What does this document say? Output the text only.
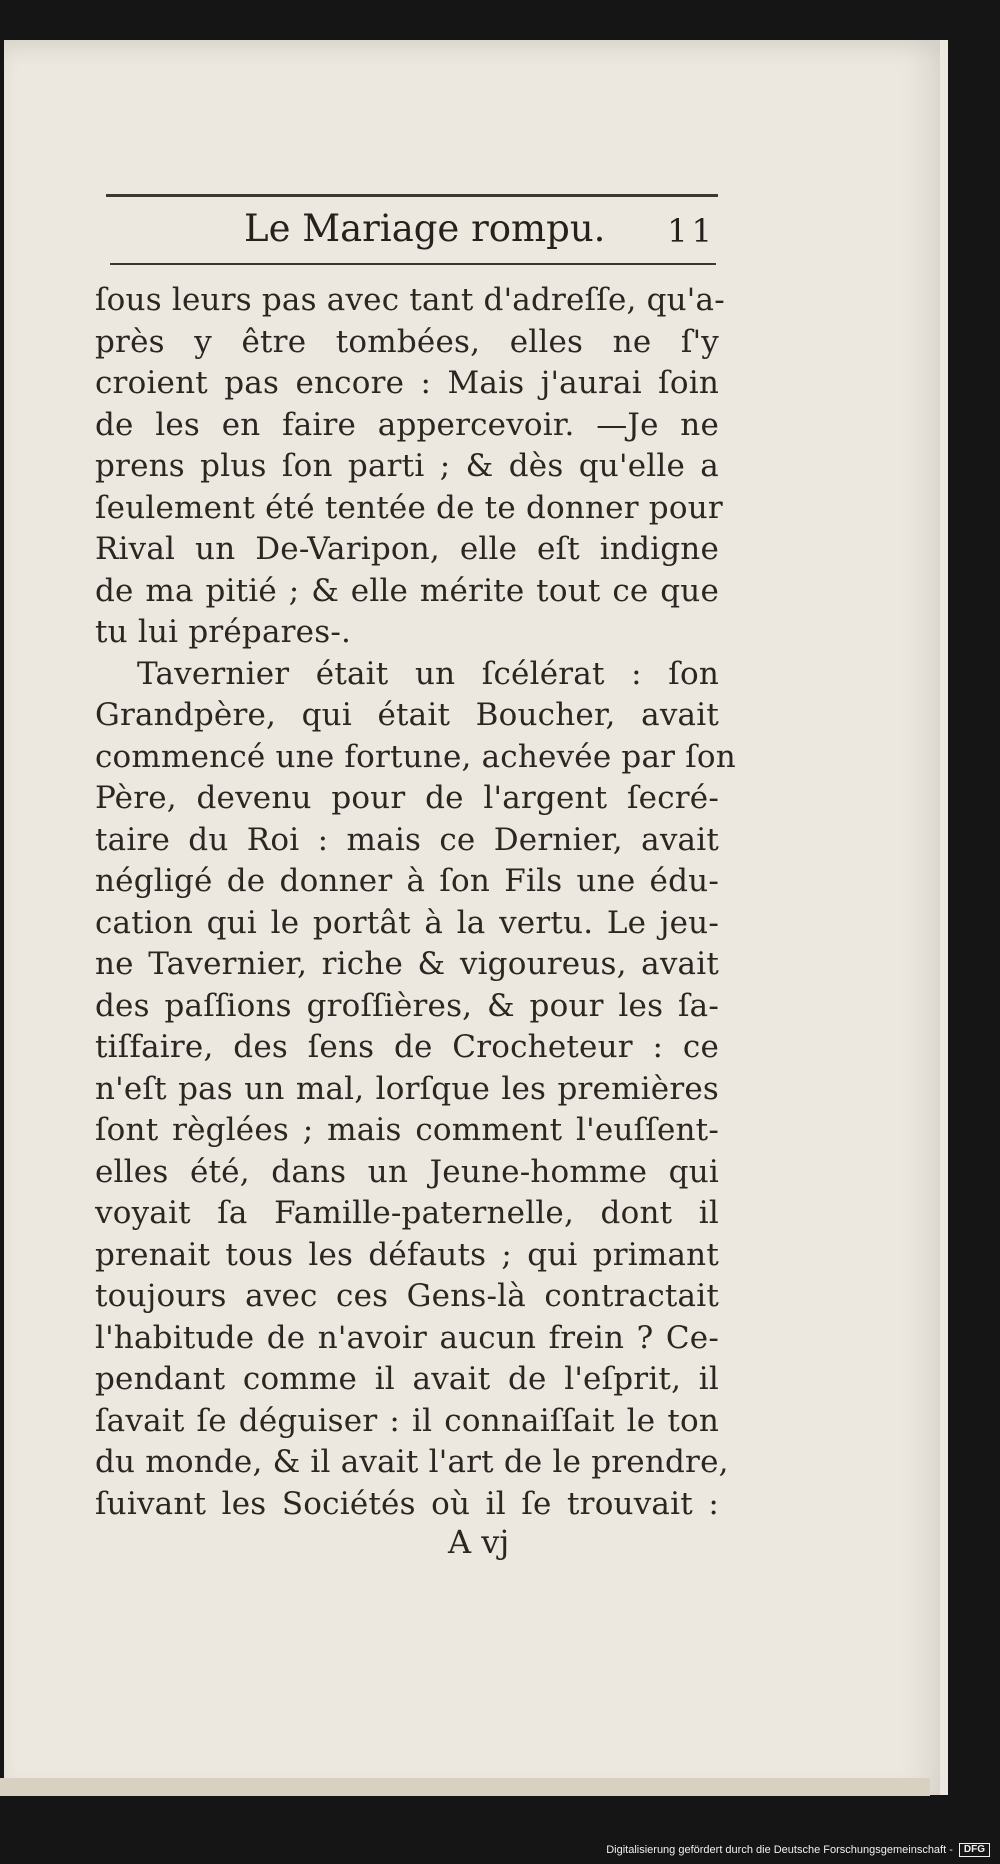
Le Mariage rompu. 11
ſous leurs pas avec tant d'adreſſe, qu'a-
près y être tombées, elles ne ſ'y
croient pas encore : Mais j'aurai ſoin
de les en faire appercevoir. —Je ne
prens plus ſon parti ; & dès qu'elle a
ſeulement été tentée de te donner pour
Rival un De-Varipon, elle eſt indigne
de ma pitié ; & elle mérite tout ce que
tu lui prépares-.
Tavernier était un ſcélérat : ſon
Grandpère, qui était Boucher, avait
commencé une fortune, achevée par ſon
Père, devenu pour de l'argent ſecré-
taire du Roi : mais ce Dernier, avait
négligé de donner à ſon Fils une édu-
cation qui le portât à la vertu. Le jeu-
ne Tavernier, riche & vigoureus, avait
des paſſions groſſières, & pour les ſa-
tiſfaire, des ſens de Crocheteur : ce
n'eſt pas un mal, lorſque les premières
ſont règlées ; mais comment l'euſſent-
elles été, dans un Jeune-homme qui
voyait ſa Famille-paternelle, dont il
prenait tous les défauts ; qui primant
toujours avec ces Gens-là contractait
l'habitude de n'avoir aucun frein ? Ce-
pendant comme il avait de l'eſprit, il
ſavait ſe déguiser : il connaiſſait le ton
du monde, & il avait l'art de le prendre,
ſuivant les Sociétés où il ſe trouvait :
A vj
Digitalisierung gefördert durch die Deutsche Forschungsgemeinschaft -	DFG
